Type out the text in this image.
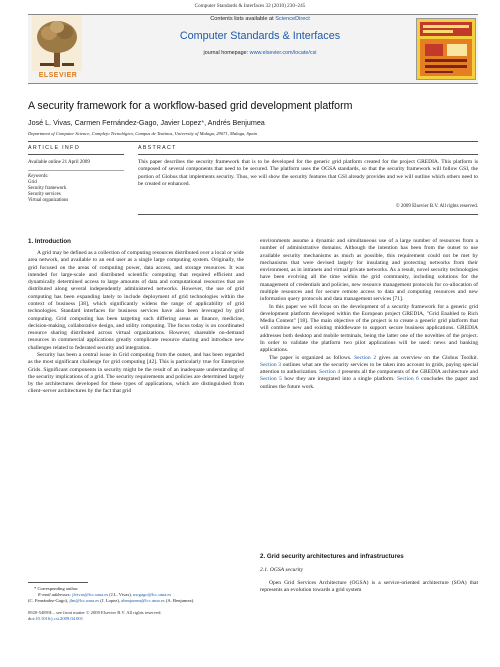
Computer Standards & Interfaces 32 (2010) 230–245
ELSEVIER
Contents lists available at ScienceDirect
Computer Standards & Interfaces
journal homepage: www.elsevier.com/locate/csi
A security framework for a workflow-based grid development platform
José L. Vivas, Carmen Fernández-Gago, Javier Lopez*, Andrés Benjumea
Department of Computer Science, Complejo Tecnológico, Campus de Teatinos, University of Malaga, 29071, Malaga, Spain
ARTICLE INFO	ABSTRACT
Available online 21 April 2009
Keywords:
Grid
Security framework
Security services
Virtual organizations
This paper describes the security framework that is to be developed for the generic grid platform created for the project GREDIA. This platform is composed of several components that need to be secured. The platform uses the OGSA standards, so that the security framework will follow GSI, the portion of Globus that implements security. Thus, we will show the security features that GSI already provides and we will outline which others need to be created or enhanced.
© 2009 Elsevier B.V. All rights reserved.
1. Introduction

A grid may be defined as a collection of computing resources distributed over a local or wide area network, and available to an end user as a single large computing system. Originally, the grid focused on the areas of computing power, data access, and storage resources. It was intended for large-scale and distributed scientific computing that required efficient and dynamically determined access to large amounts of data and computational resources that are distributed along several independently administered networks. However, the use of grid computing has been expanding lately to include deployment of grid technologies within the context of business [38], which significantly widens the range of applicability of grid technologies. Standard interfaces for business services have also been leveraged by grid computing. Grid computing has been targeting such differing areas as finance, medicine, decision-making, collaborative design, and utility computing. The focus today is on coordinated resource sharing distributed across virtual organizations. However, shareable on-demand resources in commercial applications greatly complicate resource sharing and introduce new challenges related to federated security and integration.

Security has been a central issue in Grid computing from the outset, and has been regarded as the most significant challenge for grid computing [42]. This is particularly true for Enterprise Grids. Significant components in security might be the result of an inadequate understanding of the security implications of a grid. The security requirements and policies are determined largely by the architectures developed for these types of applications, which are distinguished from client–server architectures by the fact that grid

* Corresponding author.
E-mail addresses: jlvivas@lcc.uma.es (J.L. Vivas), mcgago@lcc.uma.es
(C. Fernández-Gago), jlm@lcc.uma.es (J. Lopez), abenjumea@lcc.uma.es (A. Benjumea).
0920-5489/$ – see front matter © 2009 Elsevier B.V. All rights reserved.
doi:10.1016/j.csi.2009.04.001

environments assume a dynamic and simultaneous use of a large number of resources from a number of administrative domains. Although the intention has been from the outset to use available security mechanisms as much as possible, this requirement could not be met by mechanisms that were devised largely for insulating and protecting networks from their environment, as in intranets and virtual private networks. As a result, novel security technologies have been evolving all the time within the grid community, including solutions for the management of credentials and policies, new resource management protocols for co-allocation of multiple resources and for secure remote access to data and computing resources and new information query protocols and data management services [71].

In this paper we will focus on the development of a security framework for a generic grid development platform developed within the European project GREDIA, "Grid Enabled to Rich Media Content" [18]. The main objective of the project is to create a generic grid platform that will combine new and existing middleware to support secure business applications. GREDIA addresses both desktop and mobile terminals, being the latter one of the novelties of the project. In order to validate the platform two pilot applications will be used: news and banking applications.

The paper is organized as follows. Section 2 gives an overview on the Globus Toolkit. Section 3 outlines what are the security services to be taken into account in grids, paying special attention to authorization. Section 4 presents all the components of the GREDIA architecture and Section 5 how they are integrated into a single platform. Section 6 concludes the paper and outlines the future work.

2. Grid security architectures and infrastructures
2.1. OGSA security

Open Grid Services Architecture (OGSA) is a service-oriented architecture (SOA) that represents an evolution towards a grid system
